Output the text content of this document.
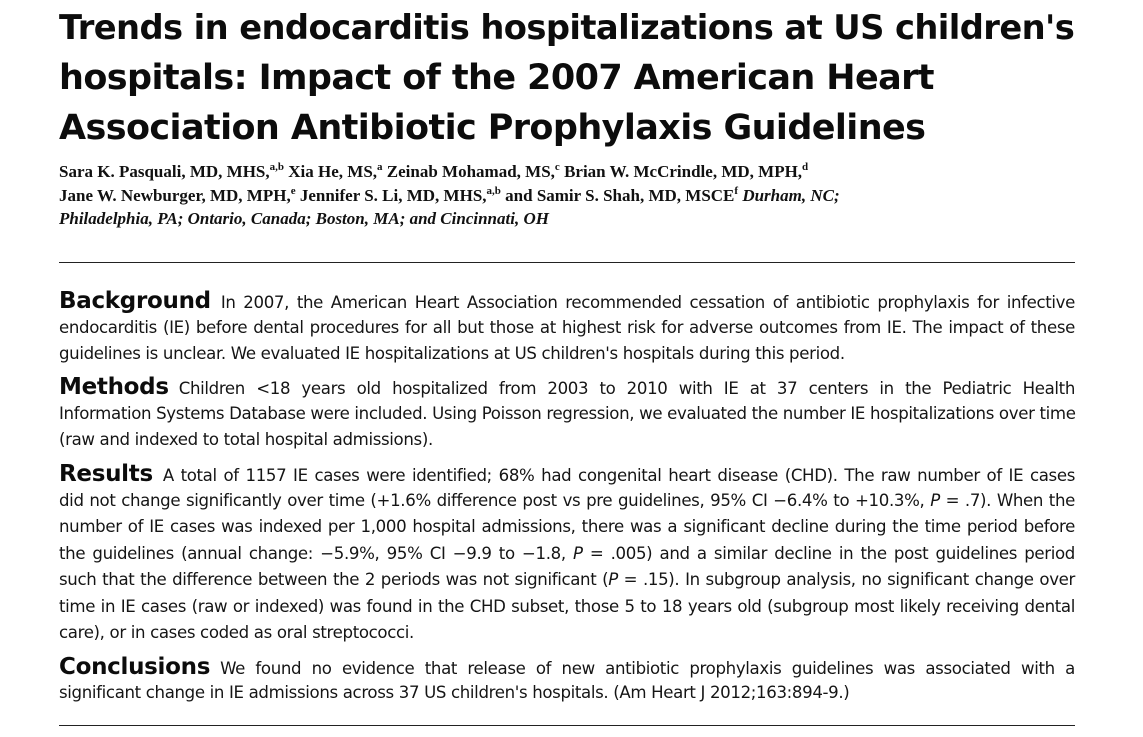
Trends in endocarditis hospitalizations at US children's
hospitals: Impact of the 2007 American Heart
Association Antibiotic Prophylaxis Guidelines
Sara K. Pasquali, MD, MHS,$^{a,b}$ Xia He, MS,$^a$ Zeinab Mohamad, MS,$^c$ Brian W. McCrindle, MD, MPH,$^d$
Jane W. Newburger, MD, MPH,$^e$ Jennifer S. Li, MD, MHS,$^{a,b}$ and Samir S. Shah, MD, MSCE$^f$ Durham, NC;
Philadelphia, PA; Ontario, Canada; Boston, MA; and Cincinnati, OH
Background In 2007, the American Heart Association recommended cessation of antibiotic prophylaxis for infective
endocarditis (IE) before dental procedures for all but those at highest risk for adverse outcomes from IE. The impact of these
guidelines is unclear. We evaluated IE hospitalizations at US children's hospitals during this period.
Methods Children <18 years old hospitalized from 2003 to 2010 with IE at 37 centers in the Pediatric Health
Information Systems Database were included. Using Poisson regression, we evaluated the number IE hospitalizations over time
(raw and indexed to total hospital admissions).
Results A total of 1157 IE cases were identified; 68% had congenital heart disease (CHD). The raw number of IE cases
did not change significantly over time (+1.6% difference post vs pre guidelines, 95% CI −6.4% to +10.3%, P = .7). When the
number of IE cases was indexed per 1,000 hospital admissions, there was a significant decline during the time period before
the guidelines (annual change: −5.9%, 95% CI −9.9 to −1.8, P = .005) and a similar decline in the post guidelines period
such that the difference between the 2 periods was not significant (P = .15). In subgroup analysis, no significant change over
time in IE cases (raw or indexed) was found in the CHD subset, those 5 to 18 years old (subgroup most likely receiving dental
care), or in cases coded as oral streptococci.
Conclusions We found no evidence that release of new antibiotic prophylaxis guidelines was associated with a
significant change in IE admissions across 37 US children's hospitals. (Am Heart J 2012;163:894-9.)
